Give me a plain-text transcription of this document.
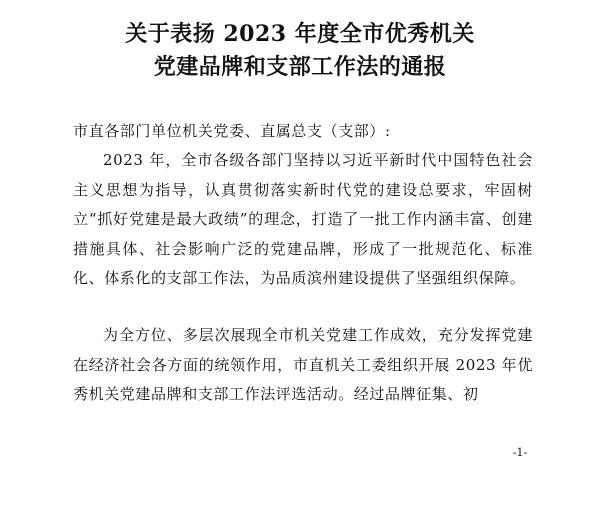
关于表扬 2023 年度全市优秀机关
党建品牌和支部工作法的通报
市直各部门单位机关党委、直属总支（支部）:
2023 年，全市各级各部门坚持以习近平新时代中国特色社会主义思想为指导，认真贯彻落实新时代党的建设总要求，牢固树立“抓好党建是最大政绩”的理念，打造了一批工作内涵丰富、创建措施具体、社会影响广泛的党建品牌，形成了一批规范化、标准化、体系化的支部工作法，为品质滨州建设提供了坚强组织保障。
为全方位、多层次展现全市机关党建工作成效，充分发挥党建在经济社会各方面的统领作用，市直机关工委组织开展 2023 年优秀机关党建品牌和支部工作法评选活动。经过品牌征集、初
-1-
